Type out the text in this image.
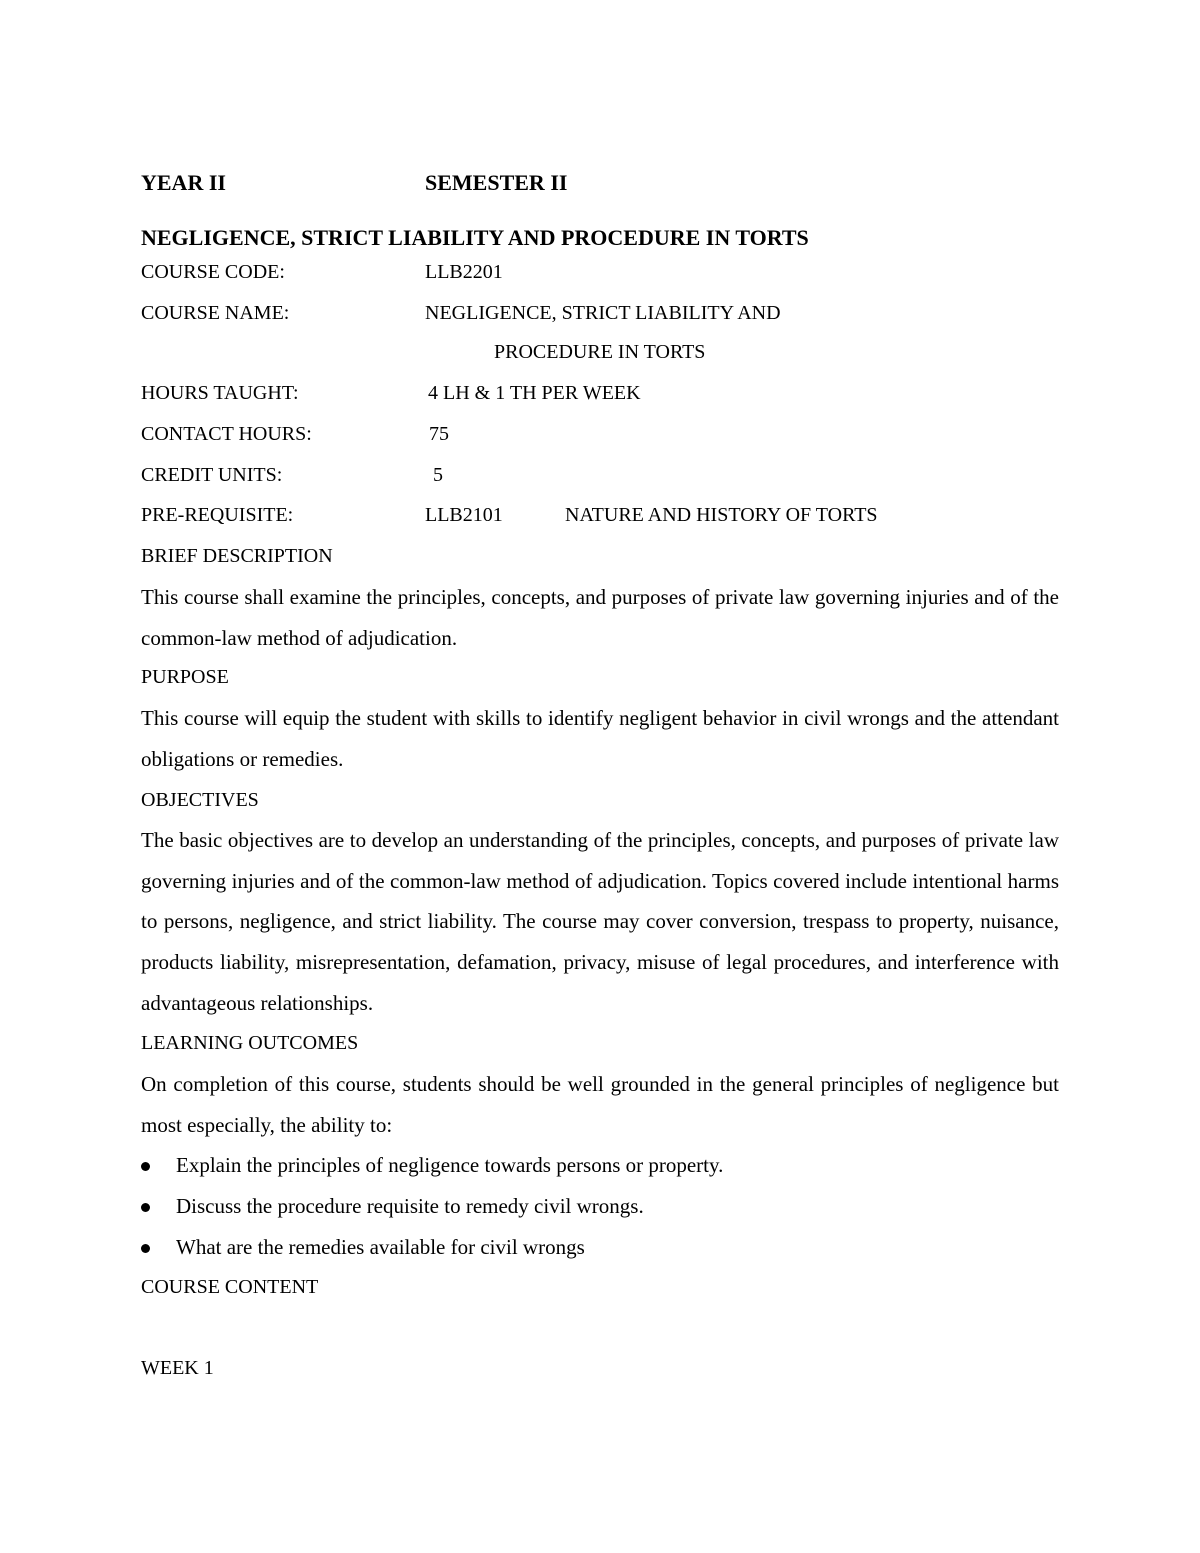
YEAR II	SEMESTER II
NEGLIGENCE, STRICT LIABILITY AND PROCEDURE IN TORTS
COURSE CODE:	LLB2201
COURSE NAME:	NEGLIGENCE, STRICT LIABILITY AND
PROCEDURE IN TORTS
HOURS TAUGHT:	4 LH & 1 TH PER WEEK
CONTACT HOURS:	75
CREDIT UNITS:	5
PRE-REQUISITE:	LLB2101	NATURE AND HISTORY OF TORTS
BRIEF DESCRIPTION
This course shall examine the principles, concepts, and purposes of private law governing injuries and of the common-law method of adjudication.
PURPOSE
This course will equip the student with skills to identify negligent behavior in civil wrongs and the attendant obligations or remedies.
OBJECTIVES
The basic objectives are to develop an understanding of the principles, concepts, and purposes of private law governing injuries and of the common-law method of adjudication. Topics covered include intentional harms to persons, negligence, and strict liability. The course may cover conversion, trespass to property, nuisance, products liability, misrepresentation, defamation, privacy, misuse of legal procedures, and interference with advantageous relationships.
LEARNING OUTCOMES
On completion of this course, students should be well grounded in the general principles of negligence but most especially, the ability to:
Explain the principles of negligence towards persons or property.
Discuss the procedure requisite to remedy civil wrongs.
What are the remedies available for civil wrongs
COURSE CONTENT
WEEK 1
